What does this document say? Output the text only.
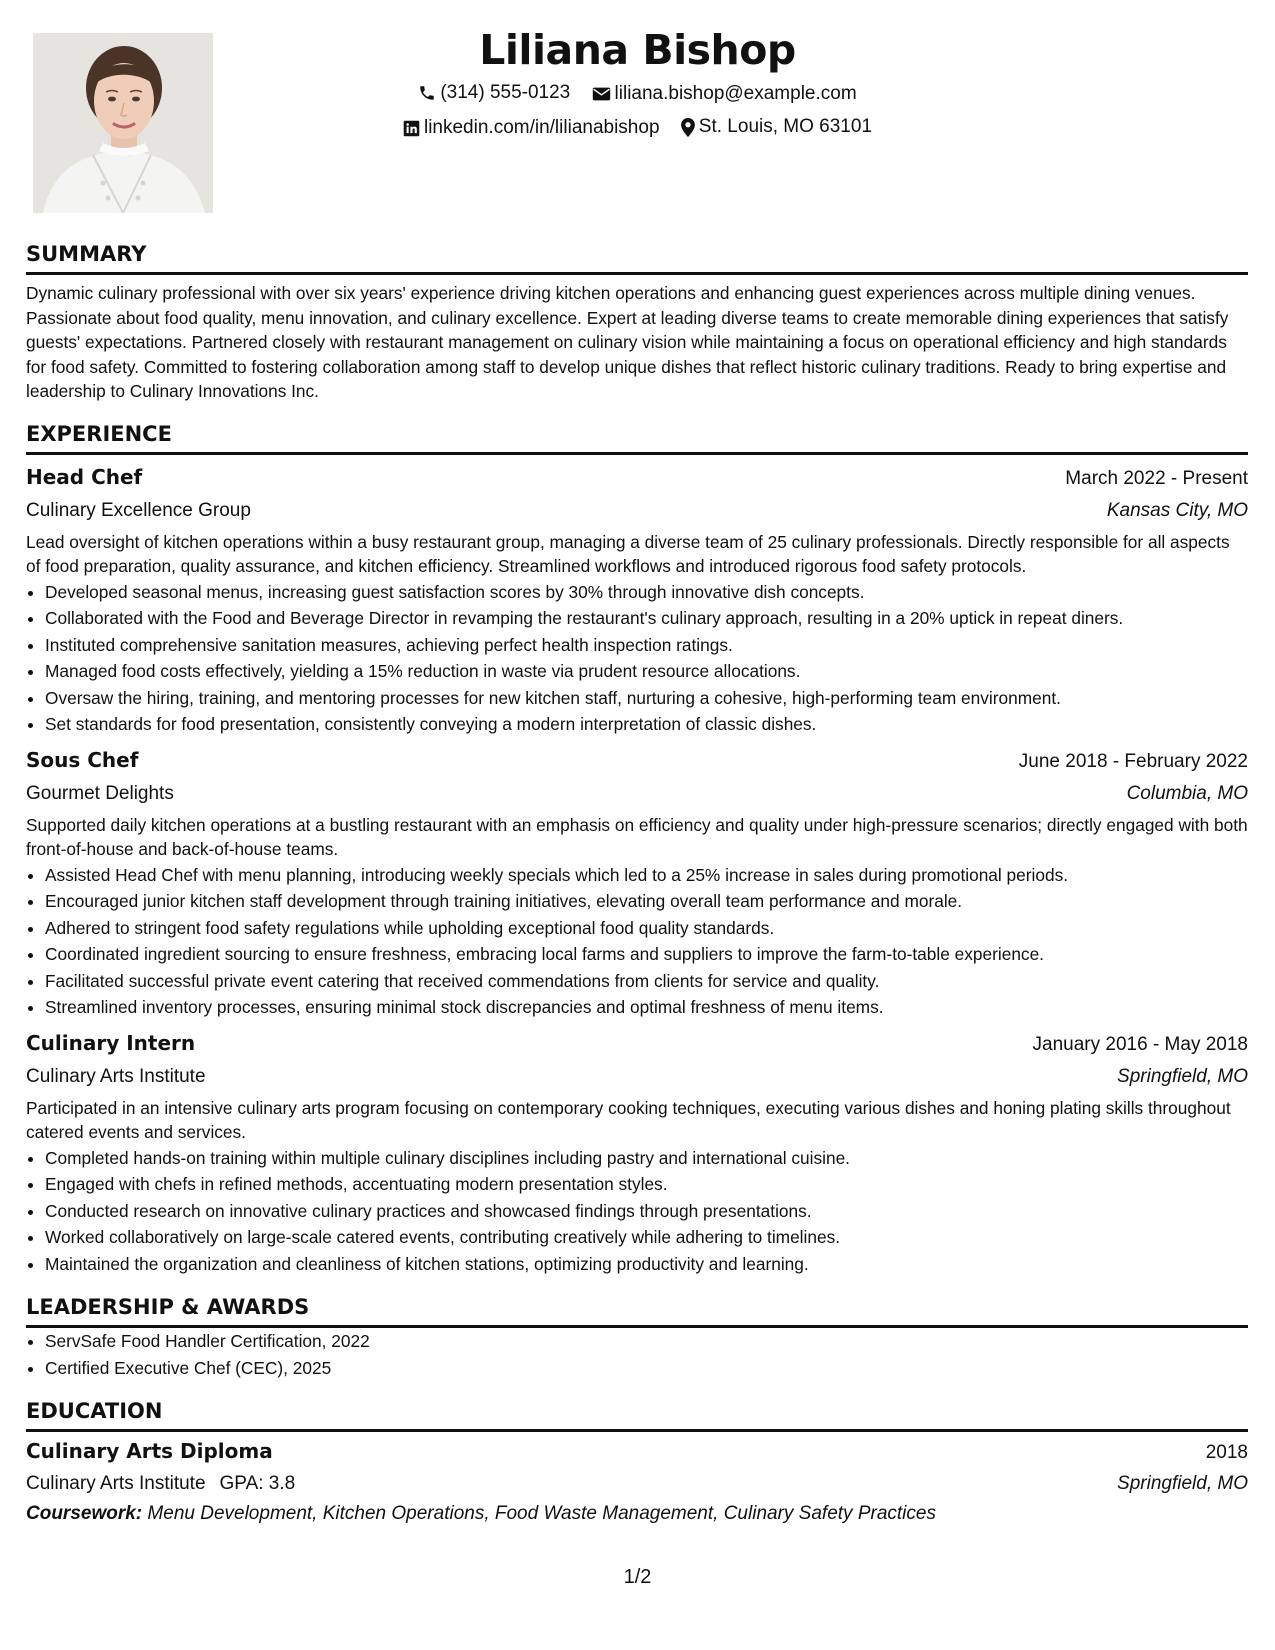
Liliana Bishop
(314) 555-0123
liliana.bishop@example.com
linkedin.com/in/lilianabishop
St. Louis, MO 63101
SUMMARY

Dynamic culinary professional with over six years' experience driving kitchen operations and enhancing guest experiences across multiple dining venues. Passionate about food quality, menu innovation, and culinary excellence. Expert at leading diverse teams to create memorable dining experiences that satisfy guests' expectations. Partnered closely with restaurant management on culinary vision while maintaining a focus on operational efficiency and high standards for food safety. Committed to fostering collaboration among staff to develop unique dishes that reflect historic culinary traditions. Ready to bring expertise and leadership to Culinary Innovations Inc.

EXPERIENCE
Head Chef	March 2022 - Present
Culinary Excellence Group	Kansas City, MO

Lead oversight of kitchen operations within a busy restaurant group, managing a diverse team of 25 culinary professionals. Directly responsible for all aspects of food preparation, quality assurance, and kitchen efficiency. Streamlined workflows and introduced rigorous food safety protocols.

• Developed seasonal menus, increasing guest satisfaction scores by 30% through innovative dish concepts.
• Collaborated with the Food and Beverage Director in revamping the restaurant's culinary approach, resulting in a 20% uptick in repeat diners.
• Instituted comprehensive sanitation measures, achieving perfect health inspection ratings.
• Managed food costs effectively, yielding a 15% reduction in waste via prudent resource allocations.
• Oversaw the hiring, training, and mentoring processes for new kitchen staff, nurturing a cohesive, high-performing team environment.
• Set standards for food presentation, consistently conveying a modern interpretation of classic dishes.
Sous Chef	June 2018 - February 2022
Gourmet Delights	Columbia, MO

Supported daily kitchen operations at a bustling restaurant with an emphasis on efficiency and quality under high-pressure scenarios; directly engaged with both front-of-house and back-of-house teams.

• Assisted Head Chef with menu planning, introducing weekly specials which led to a 25% increase in sales during promotional periods.
• Encouraged junior kitchen staff development through training initiatives, elevating overall team performance and morale.
• Adhered to stringent food safety regulations while upholding exceptional food quality standards.
• Coordinated ingredient sourcing to ensure freshness, embracing local farms and suppliers to improve the farm-to-table experience.
• Facilitated successful private event catering that received commendations from clients for service and quality.
• Streamlined inventory processes, ensuring minimal stock discrepancies and optimal freshness of menu items.
Culinary Intern	January 2016 - May 2018
Culinary Arts Institute	Springfield, MO

Participated in an intensive culinary arts program focusing on contemporary cooking techniques, executing various dishes and honing plating skills throughout catered events and services.

• Completed hands-on training within multiple culinary disciplines including pastry and international cuisine.
• Engaged with chefs in refined methods, accentuating modern presentation styles.
• Conducted research on innovative culinary practices and showcased findings through presentations.
• Worked collaboratively on large-scale catered events, contributing creatively while adhering to timelines.
• Maintained the organization and cleanliness of kitchen stations, optimizing productivity and learning.
LEADERSHIP & AWARDS
• ServSafe Food Handler Certification, 2022
• Certified Executive Chef (CEC), 2025
EDUCATION
Culinary Arts Diploma	2018
Culinary Arts Institute GPA: 3.8	Springfield, MO
Coursework: Menu Development, Kitchen Operations, Food Waste Management, Culinary Safety Practices
1/2
